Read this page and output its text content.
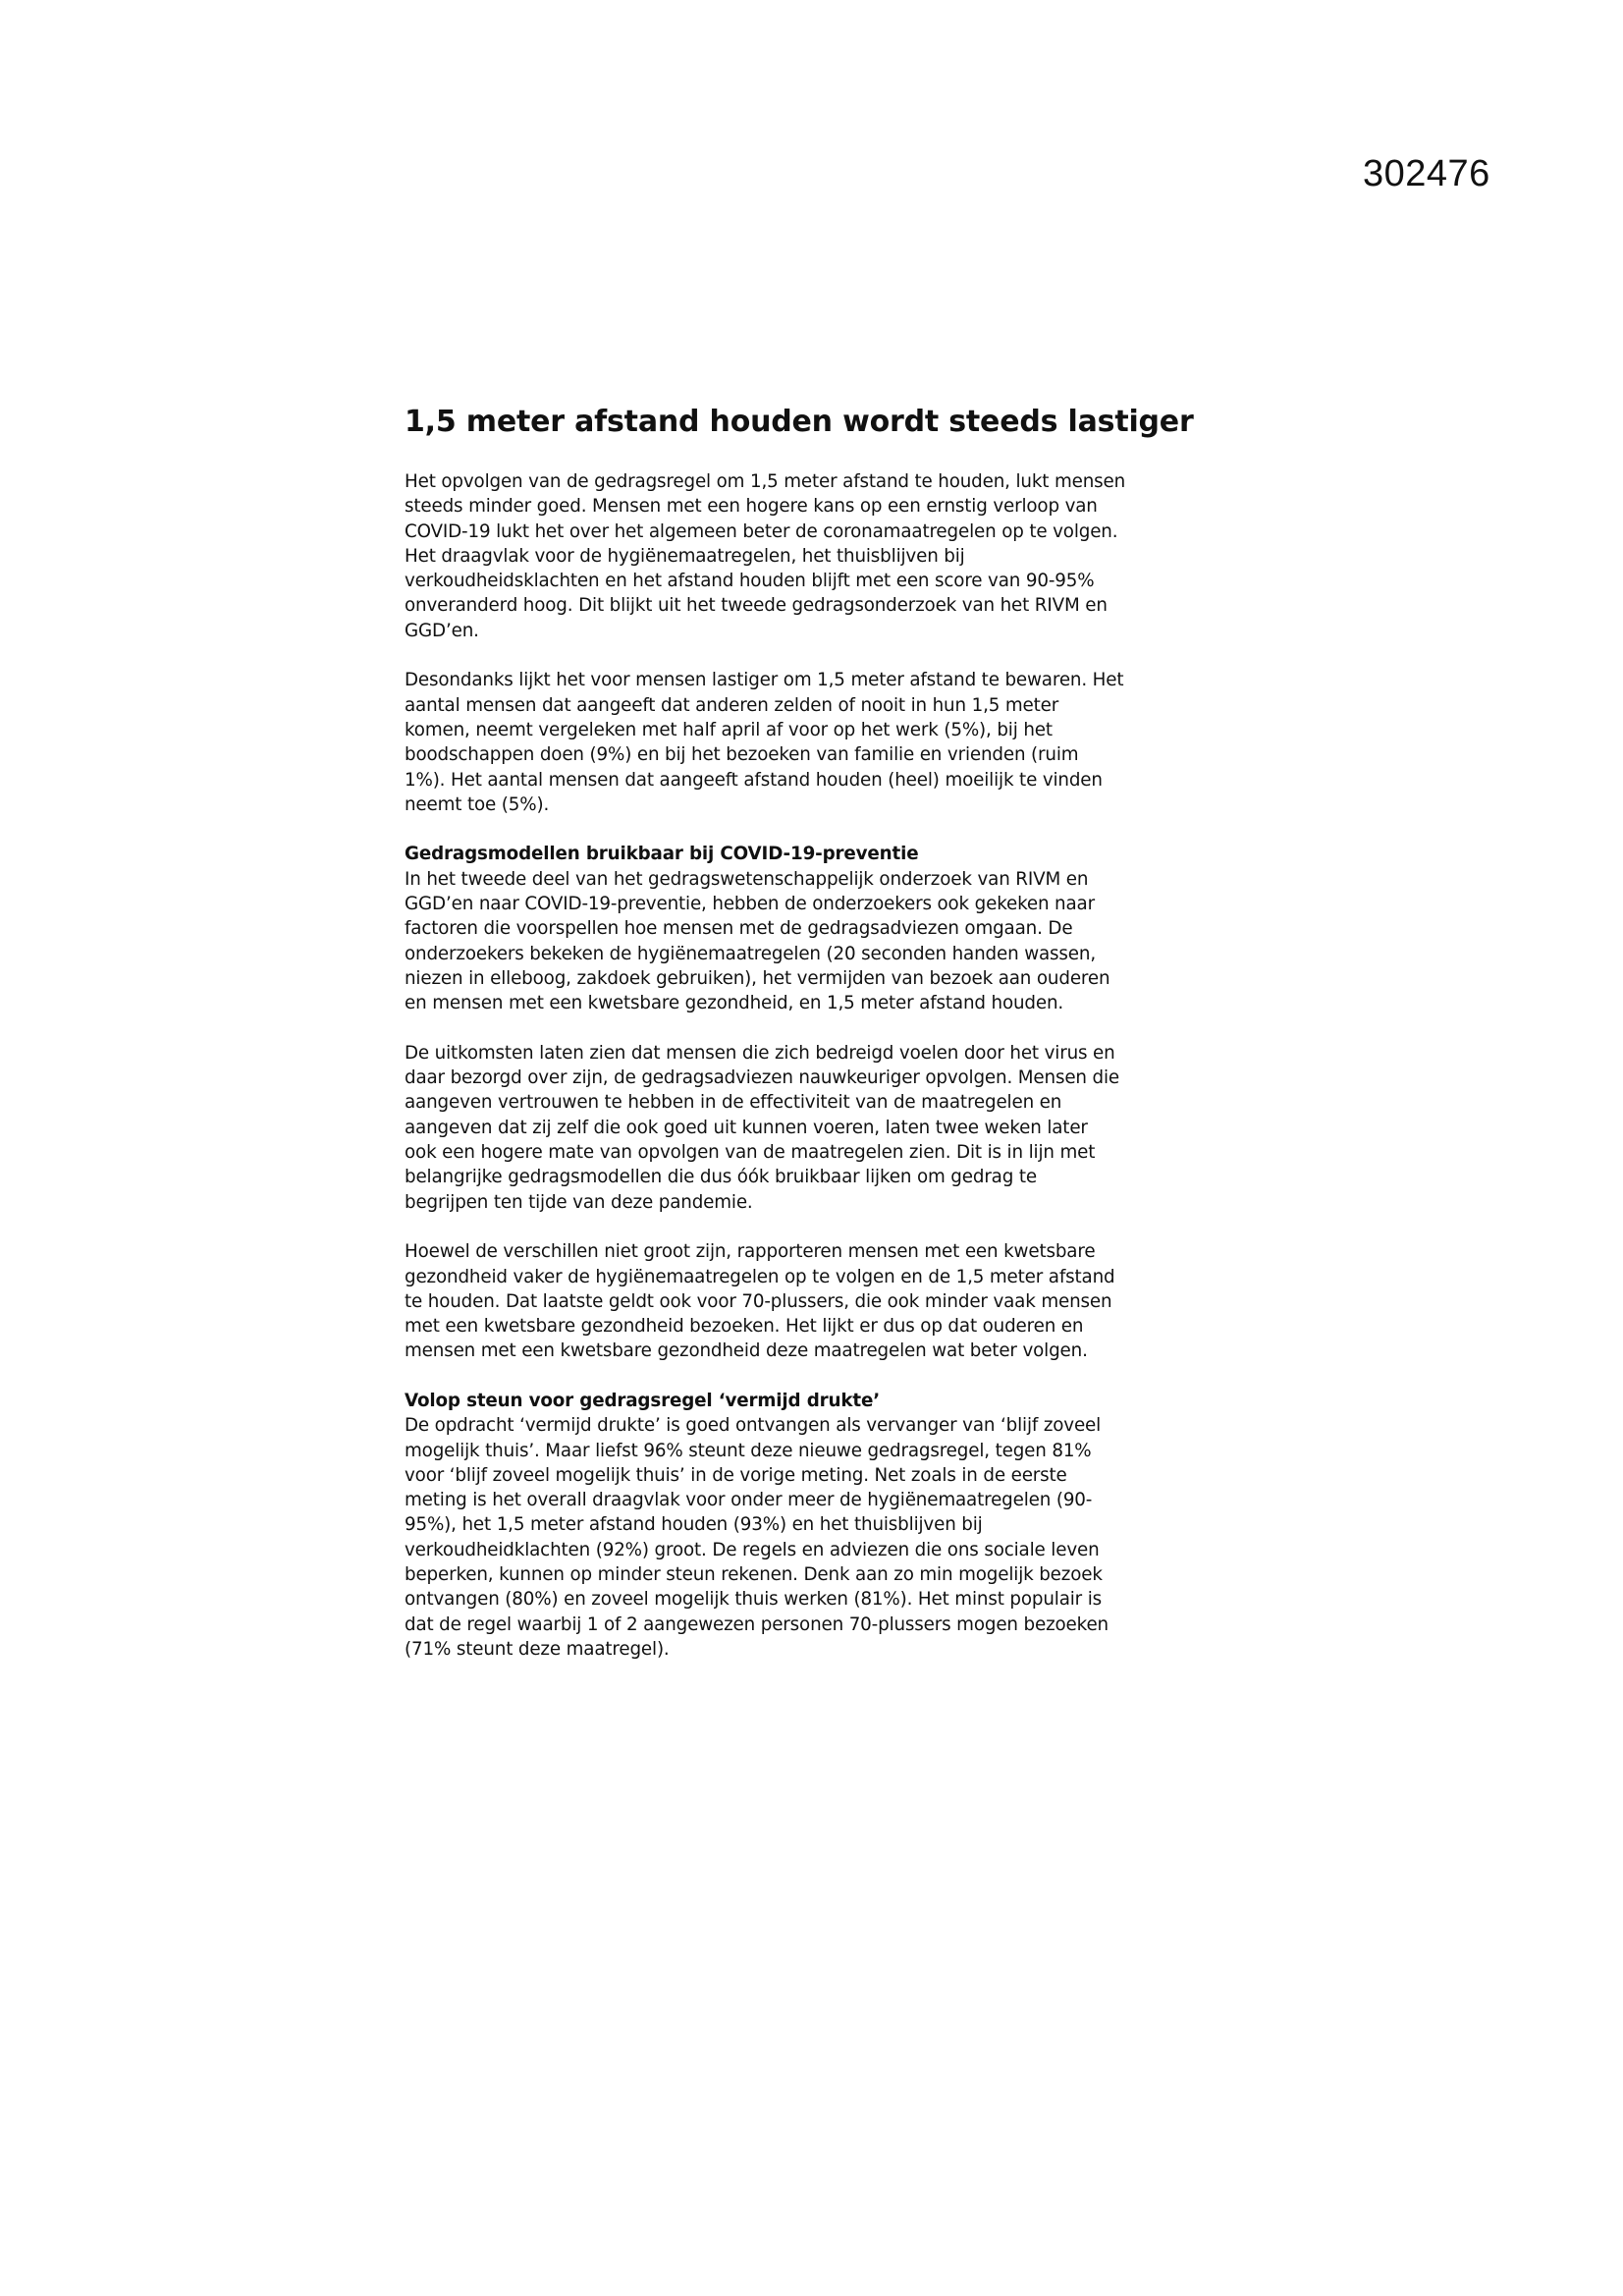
302476
1,5 meter afstand houden wordt steeds lastiger
Het opvolgen van de gedragsregel om 1,5 meter afstand te houden, lukt mensen
steeds minder goed. Mensen met een hogere kans op een ernstig verloop van
COVID-19 lukt het over het algemeen beter de coronamaatregelen op te volgen.
Het draagvlak voor de hygiënemaatregelen, het thuisblijven bij
verkoudheidsklachten en het afstand houden blijft met een score van 90-95%
onveranderd hoog. Dit blijkt uit het tweede gedragsonderzoek van het RIVM en
GGD’en.
Desondanks lijkt het voor mensen lastiger om 1,5 meter afstand te bewaren. Het
aantal mensen dat aangeeft dat anderen zelden of nooit in hun 1,5 meter
komen, neemt vergeleken met half april af voor op het werk (5%), bij het
boodschappen doen (9%) en bij het bezoeken van familie en vrienden (ruim
1%). Het aantal mensen dat aangeeft afstand houden (heel) moeilijk te vinden
neemt toe (5%).
Gedragsmodellen bruikbaar bij COVID-19-preventie
In het tweede deel van het gedragswetenschappelijk onderzoek van RIVM en
GGD’en naar COVID-19-preventie, hebben de onderzoekers ook gekeken naar
factoren die voorspellen hoe mensen met de gedragsadviezen omgaan. De
onderzoekers bekeken de hygiënemaatregelen (20 seconden handen wassen,
niezen in elleboog, zakdoek gebruiken), het vermijden van bezoek aan ouderen
en mensen met een kwetsbare gezondheid, en 1,5 meter afstand houden.
De uitkomsten laten zien dat mensen die zich bedreigd voelen door het virus en
daar bezorgd over zijn, de gedragsadviezen nauwkeuriger opvolgen. Mensen die
aangeven vertrouwen te hebben in de effectiviteit van de maatregelen en
aangeven dat zij zelf die ook goed uit kunnen voeren, laten twee weken later
ook een hogere mate van opvolgen van de maatregelen zien. Dit is in lijn met
belangrijke gedragsmodellen die dus óók bruikbaar lijken om gedrag te
begrijpen ten tijde van deze pandemie.
Hoewel de verschillen niet groot zijn, rapporteren mensen met een kwetsbare
gezondheid vaker de hygiënemaatregelen op te volgen en de 1,5 meter afstand
te houden. Dat laatste geldt ook voor 70-plussers, die ook minder vaak mensen
met een kwetsbare gezondheid bezoeken. Het lijkt er dus op dat ouderen en
mensen met een kwetsbare gezondheid deze maatregelen wat beter volgen.
Volop steun voor gedragsregel ‘vermijd drukte’
De opdracht ‘vermijd drukte’ is goed ontvangen als vervanger van ‘blijf zoveel
mogelijk thuis’. Maar liefst 96% steunt deze nieuwe gedragsregel, tegen 81%
voor ‘blijf zoveel mogelijk thuis’ in de vorige meting. Net zoals in de eerste
meting is het overall draagvlak voor onder meer de hygiënemaatregelen (90-
95%), het 1,5 meter afstand houden (93%) en het thuisblijven bij
verkoudheidklachten (92%) groot. De regels en adviezen die ons sociale leven
beperken, kunnen op minder steun rekenen. Denk aan zo min mogelijk bezoek
ontvangen (80%) en zoveel mogelijk thuis werken (81%). Het minst populair is
dat de regel waarbij 1 of 2 aangewezen personen 70-plussers mogen bezoeken
(71% steunt deze maatregel).
